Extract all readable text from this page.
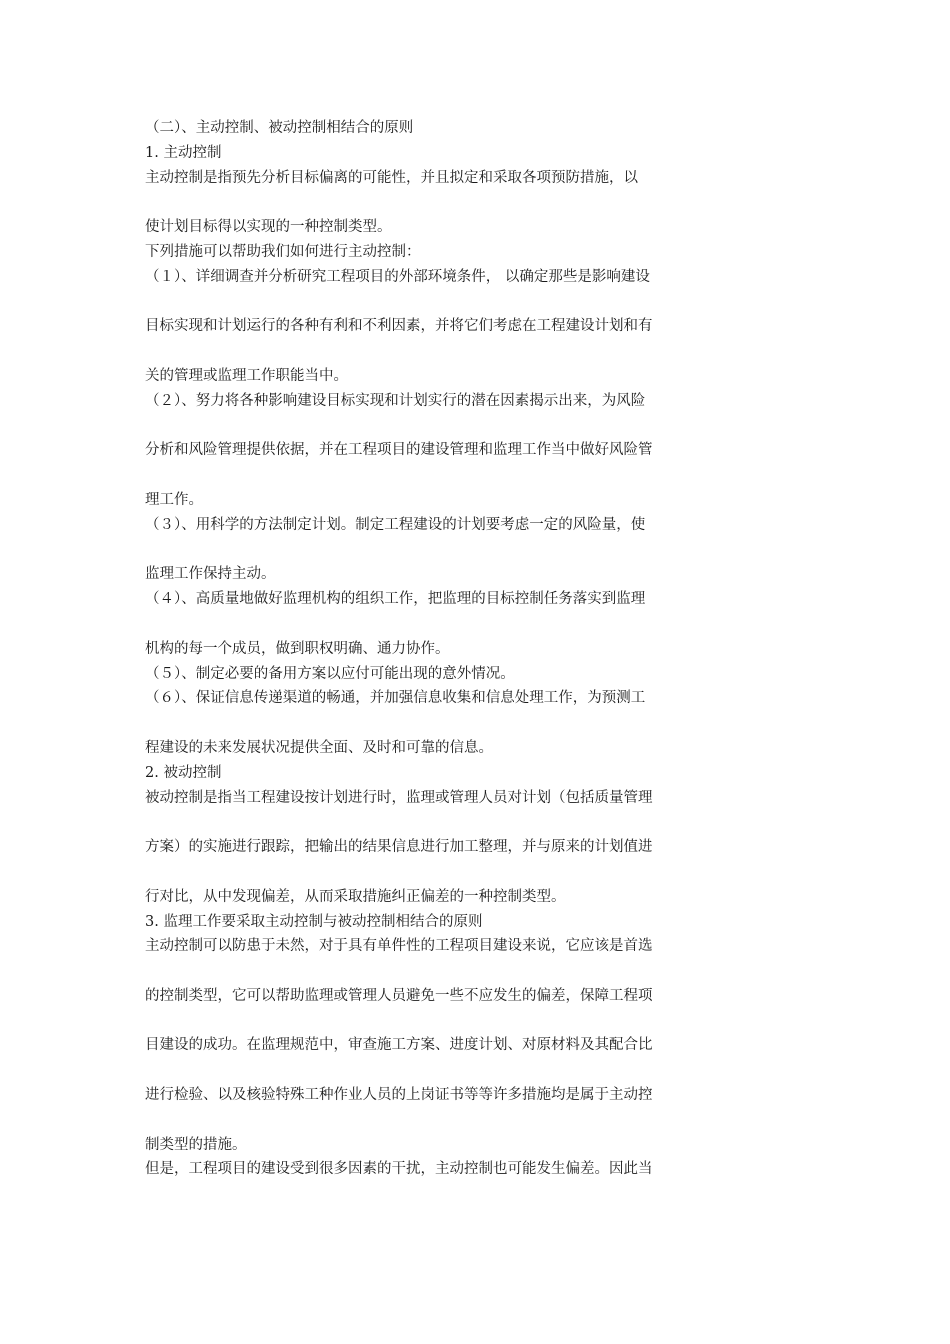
（二）、主动控制、被动控制相结合的原则
1. 主动控制
主动控制是指预先分析目标偏离的可能性，并且拟定和采取各项预防措施，以
使计划目标得以实现的一种控制类型。
下列措施可以帮助我们如何进行主动控制：
（１）、详细调查并分析研究工程项目的外部环境条件， 以确定那些是影响建设
目标实现和计划运行的各种有利和不利因素，并将它们考虑在工程建设计划和有
关的管理或监理工作职能当中。
（２）、努力将各种影响建设目标实现和计划实行的潜在因素揭示出来，为风险
分析和风险管理提供依据，并在工程项目的建设管理和监理工作当中做好风险管
理工作。
（３）、用科学的方法制定计划。制定工程建设的计划要考虑一定的风险量，使
监理工作保持主动。
（４）、高质量地做好监理机构的组织工作，把监理的目标控制任务落实到监理
机构的每一个成员，做到职权明确、通力协作。
（５）、制定必要的备用方案以应付可能出现的意外情况。
（６）、保证信息传递渠道的畅通，并加强信息收集和信息处理工作，为预测工
程建设的未来发展状况提供全面、及时和可靠的信息。
2. 被动控制
被动控制是指当工程建设按计划进行时，监理或管理人员对计划（包括质量管理
方案）的实施进行跟踪，把输出的结果信息进行加工整理，并与原来的计划值进
行对比，从中发现偏差，从而采取措施纠正偏差的一种控制类型。
3. 监理工作要采取主动控制与被动控制相结合的原则
主动控制可以防患于未然，对于具有单件性的工程项目建设来说，它应该是首选
的控制类型，它可以帮助监理或管理人员避免一些不应发生的偏差，保障工程项
目建设的成功。在监理规范中，审查施工方案、进度计划、对原材料及其配合比
进行检验、以及核验特殊工种作业人员的上岗证书等等许多措施均是属于主动控
制类型的措施。
但是，工程项目的建设受到很多因素的干扰，主动控制也可能发生偏差。因此当
